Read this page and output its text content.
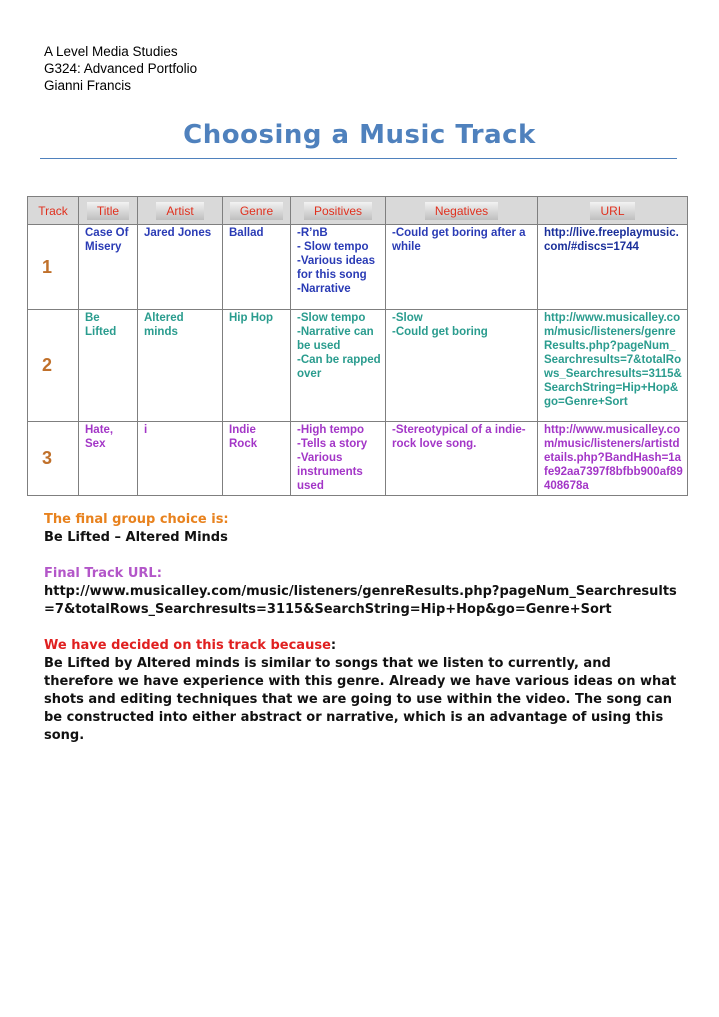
A Level Media Studies
G324: Advanced Portfolio
Gianni Francis
Choosing a Music Track
Track	Title	Artist	Genre	Positives	Negatives	URL
1	Case Of Misery	Jared Jones	Ballad	-R’nB
- Slow tempo
-Various ideas for this song
-Narrative	-Could get boring after a while	http://live.freeplaymusic.com/#discs=1744
2	Be Lifted	Altered minds	Hip Hop	-Slow tempo
-Narrative can be used
-Can be rapped over	-Slow
-Could get boring	http://www.musicalley.com/music/listeners/genreResults.php?pageNum_Searchresults=7&totalRows_Searchresults=3115&SearchString=Hip+Hop&go=Genre+Sort
3	Hate, Sex	i	Indie Rock	-High tempo
-Tells a story
-Various instruments used	-Stereotypical of a indie-rock love song.	http://www.musicalley.com/music/listeners/artistdetails.php?BandHash=1afe92aa7397f8bfbb900af89408678a

The final group choice is:
Be Lifted – Altered Minds

Final Track URL:
http://www.musicalley.com/music/listeners/genreResults.php?pageNum_Searchresults=7&totalRows_Searchresults=3115&SearchString=Hip+Hop&go=Genre+Sort

We have decided on this track because:
Be Lifted by Altered minds is similar to songs that we listen to currently, and therefore we have experience with this genre. Already we have various ideas on what shots and editing techniques that we are going to use within the video. The song can be constructed into either abstract or narrative, which is an advantage of using this song.
